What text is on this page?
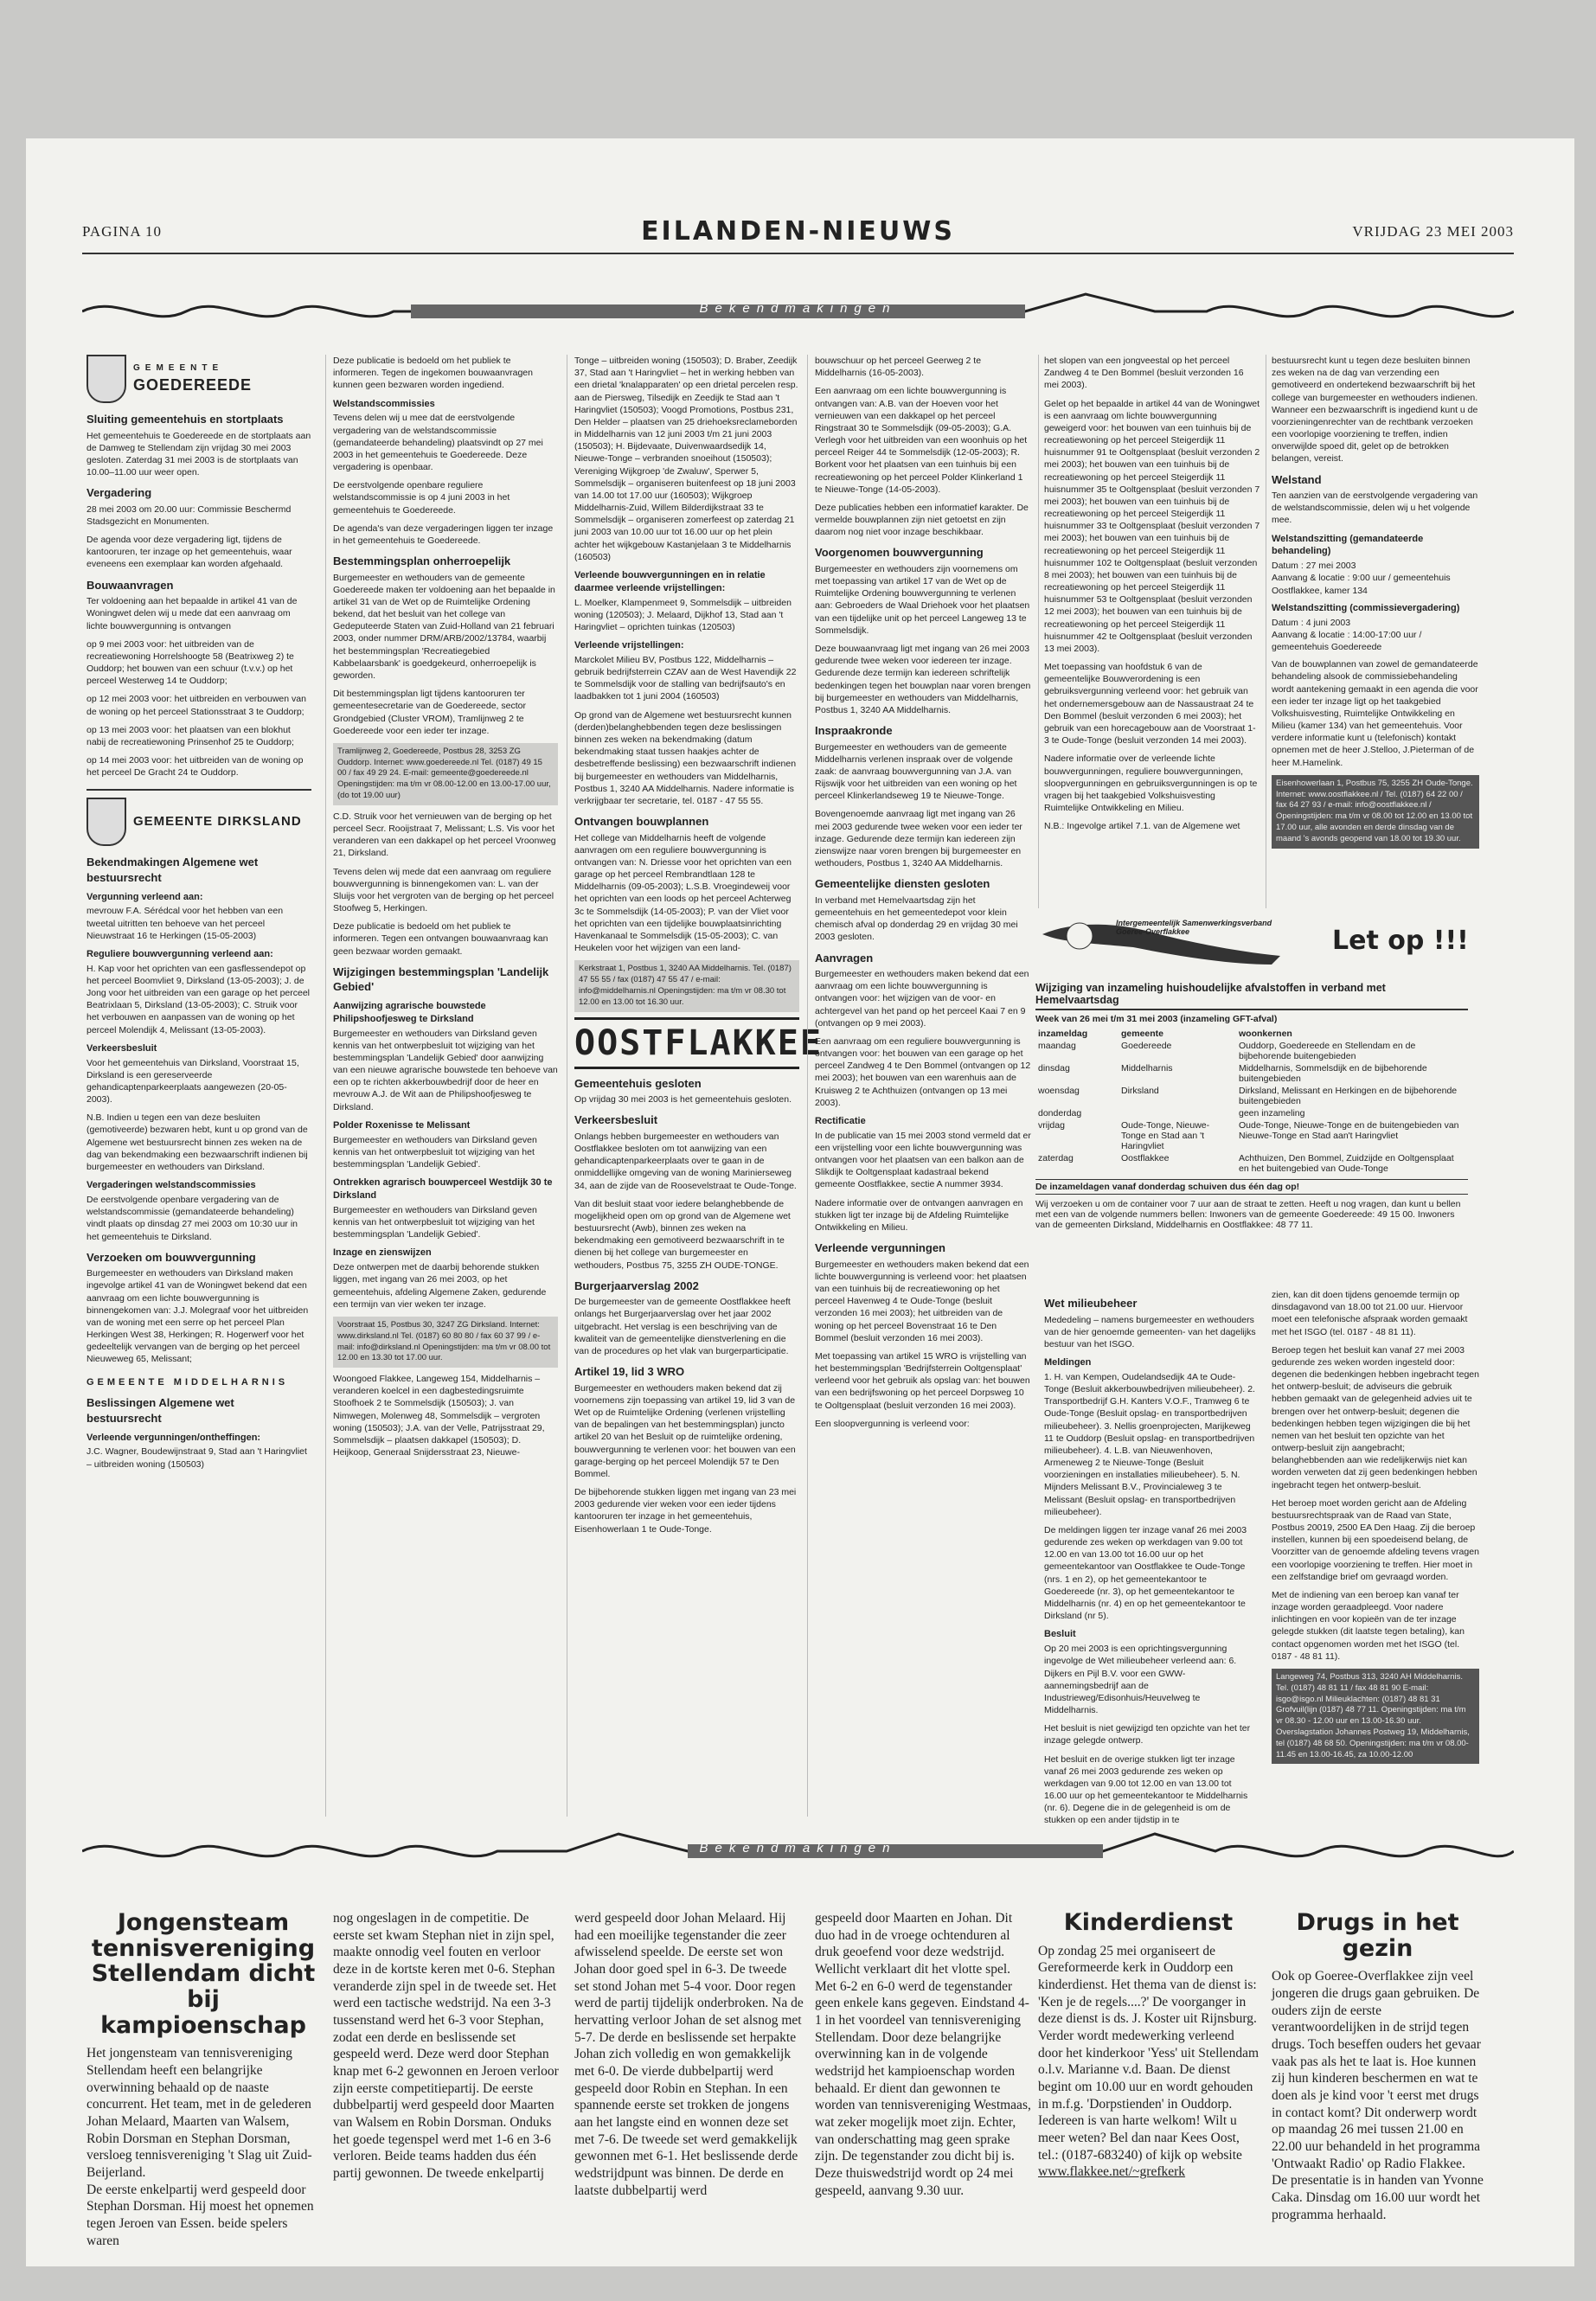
PAGINA 10	EILANDEN-NIEUWS	VRIJDAG 23 MEI 2003
Bekendmakingen
GEMEENTE
GOEDEREEDE
Sluiting gemeentehuis en stortplaats

Het gemeentehuis te Goedereede en de stortplaats aan de Damweg te Stellendam zijn vrijdag 30 mei 2003 gesloten. Zaterdag 31 mei 2003 is de stortplaats van 10.00–11.00 uur weer open.

Vergadering

28 mei 2003 om 20.00 uur: Commissie Beschermd Stadsgezicht en Monumenten.

De agenda voor deze vergadering ligt, tijdens de kantooruren, ter inzage op het gemeentehuis, waar eveneens een exemplaar kan worden afgehaald.

Bouwaanvragen

Ter voldoening aan het bepaalde in artikel 41 van de Woningwet delen wij u mede dat een aanvraag om lichte bouwvergunning is ontvangen

op 9 mei 2003 voor: het uitbreiden van de recreatiewoning Horrelshoogte 58 (Beatrixweg 2) te Ouddorp; het bouwen van een schuur (t.v.v.) op het perceel Westerweg 14 te Ouddorp;

op 12 mei 2003 voor: het uitbreiden en verbouwen van de woning op het perceel Stationsstraat 3 te Ouddorp;

op 13 mei 2003 voor: het plaatsen van een blokhut nabij de recreatiewoning Prinsenhof 25 te Ouddorp;

op 14 mei 2003 voor: het uitbreiden van de woning op het perceel De Gracht 24 te Ouddorp.

GEMEENTE DIRKSLAND
Bekendmakingen Algemene wet bestuursrecht
Vergunning verleend aan:

mevrouw F.A. Sérédcal voor het hebben van een tweetal uitritten ten behoeve van het perceel Nieuwstraat 16 te Herkingen (15-05-2003)

Reguliere bouwvergunning verleend aan:

H. Kap voor het oprichten van een gasflessendepot op het perceel Boomvliet 9, Dirksland (13-05-2003); J. de Jong voor het uitbreiden van een garage op het perceel Beatrixlaan 5, Dirksland (13-05-2003); C. Struik voor het verbouwen en aanpassen van de woning op het perceel Molendijk 4, Melissant (13-05-2003).

Verkeersbesluit

Voor het gemeentehuis van Dirksland, Voorstraat 15, Dirksland is een gereserveerde gehandicaptenparkeerplaats aangewezen (20-05-2003).

N.B. Indien u tegen een van deze besluiten (gemotiveerde) bezwaren hebt, kunt u op grond van de Algemene wet bestuursrecht binnen zes weken na de dag van bekendmaking een bezwaarschrift indienen bij burgemeester en wethouders van Dirksland.

Vergaderingen welstandscommissies

De eerstvolgende openbare vergadering van de welstandscommissie (gemandateerde behandeling) vindt plaats op dinsdag 27 mei 2003 om 10:30 uur in het gemeentehuis te Dirksland.

Verzoeken om bouwvergunning

Burgemeester en wethouders van Dirksland maken ingevolge artikel 41 van de Woningwet bekend dat een aanvraag om een lichte bouwvergunning is binnengekomen van: J.J. Molegraaf voor het uitbreiden van de woning met een serre op het perceel Plan Herkingen West 38, Herkingen; R. Hogerwerf voor het gedeeltelijk vervangen van de berging op het perceel Nieuweweg 65, Melissant;

GEMEENTE MIDDELHARNIS
Beslissingen Algemene wet bestuursrecht
Verleende vergunningen/ontheffingen:

J.C. Wagner, Boudewijnstraat 9, Stad aan 't Haringvliet – uitbreiden woning (150503)

Deze publicatie is bedoeld om het publiek te informeren. Tegen de ingekomen bouwaanvragen kunnen geen bezwaren worden ingediend.

Welstandscommissies

Tevens delen wij u mee dat de eerstvolgende vergadering van de welstandscommissie (gemandateerde behandeling) plaatsvindt op 27 mei 2003 in het gemeentehuis te Goedereede. Deze vergadering is openbaar.

De eerstvolgende openbare reguliere welstandscommissie is op 4 juni 2003 in het gemeentehuis te Goedereede.

De agenda's van deze vergaderingen liggen ter inzage in het gemeentehuis te Goedereede.

Bestemmingsplan onherroepelijk

Burgemeester en wethouders van de gemeente Goedereede maken ter voldoening aan het bepaalde in artikel 31 van de Wet op de Ruimtelijke Ordening bekend, dat het besluit van het college van Gedeputeerde Staten van Zuid-Holland van 21 februari 2003, onder nummer DRM/ARB/2002/13784, waarbij het bestemmingsplan 'Recreatiegebied Kabbelaarsbank' is goedgekeurd, onherroepelijk is geworden.

Dit bestemmingsplan ligt tijdens kantooruren ter gemeentesecretarie van de Goedereede, sector Grondgebied (Cluster VROM), Tramlijnweg 2 te Goedereede voor een ieder ter inzage.

Tramlijnweg 2, Goedereede, Postbus 28, 3253 ZG Ouddorp. Internet: www.goedereede.nl Tel. (0187) 49 15 00 / fax 49 29 24. E-mail: gemeente@goedereede.nl Openingstijden: ma t/m vr 08.00-12.00 en 13.00-17.00 uur, (do tot 19.00 uur)

C.D. Struik voor het vernieuwen van de berging op het perceel Secr. Rooijstraat 7, Melissant; L.S. Vis voor het veranderen van een dakkapel op het perceel Vroonweg 21, Dirksland.

Tevens delen wij mede dat een aanvraag om reguliere bouwvergunning is binnengekomen van: L. van der Sluijs voor het vergroten van de berging op het perceel Stoofweg 5, Herkingen.

Deze publicatie is bedoeld om het publiek te informeren. Tegen een ontvangen bouwaanvraag kan geen bezwaar worden gemaakt.

Wijzigingen bestemmingsplan 'Landelijk Gebied'
Aanwijzing agrarische bouwstede Philipshoofjesweg te Dirksland

Burgemeester en wethouders van Dirksland geven kennis van het ontwerpbesluit tot wijziging van het bestemmingsplan 'Landelijk Gebied' door aanwijzing van een nieuwe agrarische bouwstede ten behoeve van een op te richten akkerbouwbedrijf door de heer en mevrouw A.J. de Wit aan de Philipshoofjesweg te Dirksland.

Polder Roxenisse te Melissant

Burgemeester en wethouders van Dirksland geven kennis van het ontwerpbesluit tot wijziging van het bestemmingsplan 'Landelijk Gebied'.

Ontrekken agrarisch bouwperceel Westdijk 30 te Dirksland

Burgemeester en wethouders van Dirksland geven kennis van het ontwerpbesluit tot wijziging van het bestemmingsplan 'Landelijk Gebied'.

Inzage en zienswijzen

Deze ontwerpen met de daarbij behorende stukken liggen, met ingang van 26 mei 2003, op het gemeentehuis, afdeling Algemene Zaken, gedurende een termijn van vier weken ter inzage.

Voorstraat 15, Postbus 30, 3247 ZG Dirksland. Internet: www.dirksland.nl Tel. (0187) 60 80 80 / fax 60 37 99 / e-mail: info@dirksland.nl Openingstijden: ma t/m vr 08.00 tot 12.00 en 13.30 tot 17.00 uur.

Woongoed Flakkee, Langeweg 154, Middelharnis – veranderen koelcel in een dagbestedingsruimte Stoofhoek 2 te Sommelsdijk (150503); J. van Nimwegen, Molenweg 48, Sommelsdijk – vergroten woning (150503); J.A. van der Velle, Patrijsstraat 29, Sommelsdijk – plaatsen dakkapel (150503); D. Heijkoop, Generaal Snijdersstraat 23, Nieuwe-

Tonge – uitbreiden woning (150503); D. Braber, Zeedijk 37, Stad aan 't Haringvliet – het in werking hebben van een drietal 'knalapparaten' op een drietal percelen resp. aan de Piersweg, Tilsedijk en Zeedijk te Stad aan 't Haringvliet (150503); Voogd Promotions, Postbus 231, Den Helder – plaatsen van 25 driehoeksreclameborden in Middelharnis van 12 juni 2003 t/m 21 juni 2003 (150503); H. Bijdevaate, Duivenwaardsedijk 14, Nieuwe-Tonge – verbranden snoeihout (150503); Vereniging Wijkgroep 'de Zwaluw', Sperwer 5, Sommelsdijk – organiseren buitenfeest op 18 juni 2003 van 14.00 tot 17.00 uur (160503); Wijkgroep Middelharnis-Zuid, Willem Bilderdijkstraat 33 te Sommelsdijk – organiseren zomerfeest op zaterdag 21 juni 2003 van 10.00 uur tot 16.00 uur op het plein achter het wijkgebouw Kastanjelaan 3 te Middelharnis (160503)

Verleende bouwvergunningen en in relatie daarmee verleende vrijstellingen:

L. Moelker, Klampenmeet 9, Sommelsdijk – uitbreiden woning (120503); J. Melaard, Dijkhof 13, Stad aan 't Haringvliet – oprichten tuinkas (120503)

Verleende vrijstellingen:

Marckolet Milieu BV, Postbus 122, Middelharnis – gebruik bedrijfsterrein CZAV aan de West Havendijk 22 te Sommelsdijk voor de stalling van bedrijfsauto's en laadbakken tot 1 juni 2004 (160503)

Op grond van de Algemene wet bestuursrecht kunnen (derden)belanghebbenden tegen deze beslissingen binnen zes weken na bekendmaking (datum bekendmaking staat tussen haakjes achter de desbetreffende beslissing) een bezwaarschrift indienen bij burgemeester en wethouders van Middelharnis, Postbus 1, 3240 AA Middelharnis. Nadere informatie is verkrijgbaar ter secretarie, tel. 0187 - 47 55 55.

Ontvangen bouwplannen

Het college van Middelharnis heeft de volgende aanvragen om een reguliere bouwvergunning is ontvangen van: N. Driesse voor het oprichten van een garage op het perceel Rembrandtlaan 128 te Middelharnis (09-05-2003); L.S.B. Vroegindeweij voor het oprichten van een loods op het perceel Achterweg 3c te Sommelsdijk (14-05-2003); P. van der Vliet voor het oprichten van een tijdelijke bouwplaatsinrichting Havenkanaal te Sommelsdijk (15-05-2003); C. van Heukelen voor het wijzigen van een land-

Kerkstraat 1, Postbus 1, 3240 AA Middelharnis. Tel. (0187) 47 55 55 / fax (0187) 47 55 47 / e-mail: info@middelharnis.nl Openingstijden: ma t/m vr 08.30 tot 12.00 en 13.00 tot 16.30 uur.
OOSTFLAKKEE
Gemeentehuis gesloten

Op vrijdag 30 mei 2003 is het gemeentehuis gesloten.

Verkeersbesluit

Onlangs hebben burgemeester en wethouders van Oostflakkee besloten om tot aanwijzing van een gehandicaptenparkeerplaats over te gaan in de onmiddellijke omgeving van de woning Marinierseweg 34, aan de zijde van de Roosevelstraat te Oude-Tonge.

Van dit besluit staat voor iedere belanghebbende de mogelijkheid open om op grond van de Algemene wet bestuursrecht (Awb), binnen zes weken na bekendmaking een gemotiveerd bezwaarschrift in te dienen bij het college van burgemeester en wethouders, Postbus 75, 3255 ZH OUDE-TONGE.

Burgerjaarverslag 2002

De burgemeester van de gemeente Oostflakkee heeft onlangs het Burgerjaarverslag over het jaar 2002 uitgebracht. Het verslag is een beschrijving van de kwaliteit van de gemeentelijke dienstverlening en die van de procedures op het vlak van burgerparticipatie.

Artikel 19, lid 3 WRO

Burgemeester en wethouders maken bekend dat zij voornemens zijn toepassing van artikel 19, lid 3 van de Wet op de Ruimtelijke Ordening (verlenen vrijstelling van de bepalingen van het bestemmingsplan) juncto artikel 20 van het Besluit op de ruimtelijke ordening, bouwvergunning te verlenen voor: het bouwen van een garage-berging op het perceel Molendijk 57 te Den Bommel.

De bijbehorende stukken liggen met ingang van 23 mei 2003 gedurende vier weken voor een ieder tijdens kantooruren ter inzage in het gemeentehuis, Eisenhowerlaan 1 te Oude-Tonge.

bouwschuur op het perceel Geerweg 2 te Middelharnis (16-05-2003).

Een aanvraag om een lichte bouwvergunning is ontvangen van: A.B. van der Hoeven voor het vernieuwen van een dakkapel op het perceel Ringstraat 30 te Sommelsdijk (09-05-2003); G.A. Verlegh voor het uitbreiden van een woonhuis op het perceel Reiger 44 te Sommelsdijk (12-05-2003); R. Borkent voor het plaatsen van een tuinhuis bij een recreatiewoning op het perceel Polder Klinkerland 1 te Nieuwe-Tonge (14-05-2003).

Deze publicaties hebben een informatief karakter. De vermelde bouwplannen zijn niet getoetst en zijn daarom nog niet voor inzage beschikbaar.

Voorgenomen bouwvergunning

Burgemeester en wethouders zijn voornemens om met toepassing van artikel 17 van de Wet op de Ruimtelijke Ordening bouwvergunning te verlenen aan: Gebroeders de Waal Driehoek voor het plaatsen van een tijdelijke unit op het perceel Langeweg 13 te Sommelsdijk.

Deze bouwaanvraag ligt met ingang van 26 mei 2003 gedurende twee weken voor iedereen ter inzage. Gedurende deze termijn kan iedereen schriftelijk bedenkingen tegen het bouwplan naar voren brengen bij burgemeester en wethouders van Middelharnis, Postbus 1, 3240 AA Middelharnis.

Inspraakronde

Burgemeester en wethouders van de gemeente Middelharnis verlenen inspraak over de volgende zaak: de aanvraag bouwvergunning van J.A. van Rijswijk voor het uitbreiden van een woning op het perceel Klinkerlandseweg 19 te Nieuwe-Tonge.

Bovengenoemde aanvraag ligt met ingang van 26 mei 2003 gedurende twee weken voor een ieder ter inzage. Gedurende deze termijn kan iedereen zijn zienswijze naar voren brengen bij burgemeester en wethouders, Postbus 1, 3240 AA Middelharnis.

Gemeentelijke diensten gesloten

In verband met Hemelvaartsdag zijn het gemeentehuis en het gemeentedepot voor klein chemisch afval op donderdag 29 en vrijdag 30 mei 2003 gesloten.

Aanvragen

Burgemeester en wethouders maken bekend dat een aanvraag om een lichte bouwvergunning is ontvangen voor: het wijzigen van de voor- en achtergevel van het pand op het perceel Kaai 7 en 9 (ontvangen op 9 mei 2003).

Een aanvraag om een reguliere bouwvergunning is ontvangen voor: het bouwen van een garage op het perceel Zandweg 4 te Den Bommel (ontvangen op 12 mei 2003); het bouwen van een warenhuis aan de Kruisweg 2 te Achthuizen (ontvangen op 13 mei 2003).

Rectificatie

In de publicatie van 15 mei 2003 stond vermeld dat er een vrijstelling voor een lichte bouwvergunning was ontvangen voor het plaatsen van een balkon aan de Slikdijk te Ooltgensplaat kadastraal bekend gemeente Oostflakkee, sectie A nummer 3934.

Nadere informatie over de ontvangen aanvragen en stukken ligt ter inzage bij de Afdeling Ruimtelijke Ontwikkeling en Milieu.

Verleende vergunningen

Burgemeester en wethouders maken bekend dat een lichte bouwvergunning is verleend voor: het plaatsen van een tuinhuis bij de recreatiewoning op het perceel Havenweg 4 te Oude-Tonge (besluit verzonden 16 mei 2003); het uitbreiden van de woning op het perceel Bovenstraat 16 te Den Bommel (besluit verzonden 16 mei 2003).

Met toepassing van artikel 15 WRO is vrijstelling van het bestemmingsplan 'Bedrijfsterrein Ooltgensplaat' verleend voor het gebruik als opslag van: het bouwen van een bedrijfswoning op het perceel Dorpsweg 10 te Ooltgensplaat (besluit verzonden 16 mei 2003).

Een sloopvergunning is verleend voor:

het slopen van een jongveestal op het perceel Zandweg 4 te Den Bommel (besluit verzonden 16 mei 2003).

Gelet op het bepaalde in artikel 44 van de Woningwet is een aanvraag om lichte bouwvergunning geweigerd voor: het bouwen van een tuinhuis bij de recreatiewoning op het perceel Steigerdijk 11 huisnummer 91 te Ooltgensplaat (besluit verzonden 2 mei 2003); het bouwen van een tuinhuis bij de recreatiewoning op het perceel Steigerdijk 11 huisnummer 35 te Ooltgensplaat (besluit verzonden 7 mei 2003); het bouwen van een tuinhuis bij de recreatiewoning op het perceel Steigerdijk 11 huisnummer 33 te Ooltgensplaat (besluit verzonden 7 mei 2003); het bouwen van een tuinhuis bij de recreatiewoning op het perceel Steigerdijk 11 huisnummer 102 te Ooltgensplaat (besluit verzonden 8 mei 2003); het bouwen van een tuinhuis bij de recreatiewoning op het perceel Steigerdijk 11 huisnummer 53 te Ooltgensplaat (besluit verzonden 12 mei 2003); het bouwen van een tuinhuis bij de recreatiewoning op het perceel Steigerdijk 11 huisnummer 42 te Ooltgensplaat (besluit verzonden 13 mei 2003).

Met toepassing van hoofdstuk 6 van de gemeentelijke Bouwverordening is een gebruiksvergunning verleend voor: het gebruik van het ondernemersgebouw aan de Nassaustraat 24 te Den Bommel (besluit verzonden 6 mei 2003); het gebruik van een horecagebouw aan de Voorstraat 1-3 te Oude-Tonge (besluit verzonden 14 mei 2003).

Nadere informatie over de verleende lichte bouwvergunningen, reguliere bouwvergunningen, sloopvergunningen en gebruiksvergunningen is op te vragen bij het taakgebied Volkshuisvesting Ruimtelijke Ontwikkeling en Milieu.

N.B.: Ingevolge artikel 7.1. van de Algemene wet

bestuursrecht kunt u tegen deze besluiten binnen zes weken na de dag van verzending een gemotiveerd en ondertekend bezwaarschrift bij het college van burgemeester en wethouders indienen. Wanneer een bezwaarschrift is ingediend kunt u de voorzieningenrechter van de rechtbank verzoeken een voorlopige voorziening te treffen, indien onverwijlde spoed dit, gelet op de betrokken belangen, vereist.

Welstand

Ten aanzien van de eerstvolgende vergadering van de welstandscommissie, delen wij u het volgende mee.

Welstandszitting (gemandateerde behandeling)
Datum : 27 mei 2003
Aanvang & locatie : 9:00 uur / gemeentehuis Oostflakkee, kamer 134
Welstandszitting (commissievergadering)
Datum : 4 juni 2003
Aanvang & locatie : 14:00-17:00 uur / gemeentehuis Goedereede

Van de bouwplannen van zowel de gemandateerde behandeling alsook de commissiebehandeling wordt aantekening gemaakt in een agenda die voor een ieder ter inzage ligt op het taakgebied Volkshuisvesting, Ruimtelijke Ontwikkeling en Milieu (kamer 134) van het gemeentehuis. Voor verdere informatie kunt u (telefonisch) kontakt opnemen met de heer J.Stelloo, J.Pieterman of de heer M.Hamelink.

Eisenhowerlaan 1, Postbus 75, 3255 ZH Oude-Tonge. Internet: www.oostflakkee.nl / Tel. (0187) 64 22 00 / fax 64 27 93 / e-mail: info@oostflakkee.nl / Openingstijden: ma t/m vr 08.00 tot 12.00 en 13.00 tot 17.00 uur, alle avonden en derde dinsdag van de maand 's avonds geopend van 18.00 tot 19.30 uur.
Intergemeentelijk Samenwerkingsverband Goeree-Overflakkee	Let op !!!
Wijziging van inzameling huishoudelijke afvalstoffen in verband met Hemelvaartsdag
Week van 26 mei t/m 31 mei 2003 (inzameling GFT-afval)
inzameldag	gemeente	woonkernen
maandag	Goedereede	Ouddorp, Goedereede en Stellendam en de bijbehorende buitengebieden
dinsdag	Middelharnis	Middelharnis, Sommelsdijk en de bijbehorende buitengebieden
woensdag	Dirksland	Dirksland, Melissant en Herkingen en de bijbehorende buitengebieden
donderdag		geen inzameling
vrijdag	Oude-Tonge, Nieuwe-Tonge en Stad aan 't Haringvliet	Oude-Tonge, Nieuwe-Tonge en de buitengebieden van Nieuwe-Tonge en Stad aan't Haringvliet
zaterdag	Oostflakkee	Achthuizen, Den Bommel, Zuidzijde en Ooltgensplaat en het buitengebied van Oude-Tonge
De inzameldagen vanaf donderdag schuiven dus één dag op!

Wij verzoeken u om de container voor 7 uur aan de straat te zetten. Heeft u nog vragen, dan kunt u bellen met een van de volgende nummers bellen: Inwoners van de gemeente Goedereede: 49 15 00. Inwoners van de gemeenten Dirksland, Middelharnis en Oostflakkee: 48 77 11.

Wet milieubeheer

Mededeling – namens burgemeester en wethouders van de hier genoemde gemeenten- van het dagelijks bestuur van het ISGO.

Meldingen

1. H. van Kempen, Oudelandsedijk 4A te Oude-Tonge (Besluit akkerbouwbedrijven milieubeheer). 2. Transportbedrijf G.H. Kanters V.O.F., Tramweg 6 te Oude-Tonge (Besluit opslag- en transportbedrijven milieubeheer). 3. Nellis groenprojecten, Marijkeweg 11 te Ouddorp (Besluit opslag- en transportbedrijven milieubeheer). 4. L.B. van Nieuwenhoven, Armeneweg 2 te Nieuwe-Tonge (Besluit voorzieningen en installaties milieubeheer). 5. N. Mijnders Melissant B.V., Provincialeweg 3 te Melissant (Besluit opslag- en transportbedrijven milieubeheer).

De meldingen liggen ter inzage vanaf 26 mei 2003 gedurende zes weken op werkdagen van 9.00 tot 12.00 en van 13.00 tot 16.00 uur op het gemeentekantoor van Oostflakkee te Oude-Tonge (nrs. 1 en 2), op het gemeentekantoor te Goedereede (nr. 3), op het gemeentekantoor te Middelharnis (nr. 4) en op het gemeentekantoor te Dirksland (nr 5).

Besluit

Op 20 mei 2003 is een oprichtingsvergunning ingevolge de Wet milieubeheer verleend aan: 6. Dijkers en Pijl B.V. voor een GWW-aannemingsbedrijf aan de Industrieweg/Edisonhuis/Heuvelweg te Middelharnis.

Het besluit is niet gewijzigd ten opzichte van het ter inzage gelegde ontwerp.

Het besluit en de overige stukken ligt ter inzage vanaf 26 mei 2003 gedurende zes weken op werkdagen van 9.00 tot 12.00 en van 13.00 tot 16.00 uur op het gemeentekantoor te Middelharnis (nr. 6). Degene die in de gelegenheid is om de stukken op een ander tijdstip in te

zien, kan dit doen tijdens genoemde termijn op dinsdagavond van 18.00 tot 21.00 uur. Hiervoor moet een telefonische afspraak worden gemaakt met het ISGO (tel. 0187 - 48 81 11).

Beroep tegen het besluit kan vanaf 27 mei 2003 gedurende zes weken worden ingesteld door: degenen die bedenkingen hebben ingebracht tegen het ontwerp-besluit; de adviseurs die gebruik hebben gemaakt van de gelegenheid advies uit te brengen over het ontwerp-besluit; degenen die bedenkingen hebben tegen wijzigingen die bij het nemen van het besluit ten opzichte van het ontwerp-besluit zijn aangebracht; belanghebbenden aan wie redelijkerwijs niet kan worden verweten dat zij geen bedenkingen hebben ingebracht tegen het ontwerp-besluit.

Het beroep moet worden gericht aan de Afdeling bestuursrechtspraak van de Raad van State, Postbus 20019, 2500 EA Den Haag. Zij die beroep instellen, kunnen bij een spoedeisend belang, de Voorzitter van de genoemde afdeling tevens vragen een voorlopige voorziening te treffen. Hier moet in een zelfstandige brief om gevraagd worden.

Met de indiening van een beroep kan vanaf ter inzage worden geraadpleegd. Voor nadere inlichtingen en voor kopieën van de ter inzage gelegde stukken (dit laatste tegen betaling), kan contact opgenomen worden met het ISGO (tel. 0187 - 48 81 11).

Langeweg 74, Postbus 313, 3240 AH Middelharnis. Tel. (0187) 48 81 11 / fax 48 81 90 E-mail: isgo@isgo.nl Milieuklachten: (0187) 48 81 31 Grofvuil(lijn (0187) 48 77 11. Openingstijden: ma t/m vr 08.30 - 12.00 uur en 13.00-16.30 uur. Overslagstation Johannes Postweg 19, Middelharnis, tel (0187) 48 68 50. Openingstijden: ma t/m vr 08.00-11.45 en 13.00-16.45, za 10.00-12.00
Bekendmakingen
Jongensteam tennisvereniging Stellendam dicht bij kampioenschap

Het jongensteam van tennisvereniging Stellendam heeft een belangrijke overwinning behaald op de naaste concurrent. Het team, met in de gelederen Johan Melaard, Maarten van Walsem, Robin Dorsman en Stephan Dorsman, versloeg tennisvereniging 't Slag uit Zuid-Beijerland.

De eerste enkelpartij werd gespeeld door Stephan Dorsman. Hij moest het opnemen tegen Jeroen van Essen. beide spelers waren

nog ongeslagen in de competitie. De eerste set kwam Stephan niet in zijn spel, maakte onnodig veel fouten en verloor deze in de kortste keren met 0-6. Stephan veranderde zijn spel in de tweede set. Het werd een tactische wedstrijd. Na een 3-3 tussenstand werd het 6-3 voor Stephan, zodat een derde en beslissende set gespeeld werd. Deze werd door Stephan knap met 6-2 gewonnen en Jeroen verloor zijn eerste competitiepartij. De eerste dubbelpartij werd gespeeld door Maarten van Walsem en Robin Dorsman. Onduks het goede tegenspel werd met 1-6 en 3-6 verloren. Beide teams hadden dus één partij gewonnen. De tweede enkelpartij

werd gespeeld door Johan Melaard. Hij had een moeilijke tegenstander die zeer afwisselend speelde. De eerste set won Johan door goed spel in 6-3. De tweede set stond Johan met 5-4 voor. Door regen werd de partij tijdelijk onderbroken. Na de hervatting verloor Johan de set alsnog met 5-7. De derde en beslissende set herpakte Johan zich volledig en won gemakkelijk met 6-0. De vierde dubbelpartij werd gespeeld door Robin en Stephan. In een spannende eerste set trokken de jongens aan het langste eind en wonnen deze set met 7-6. De tweede set werd gemakkelijk gewonnen met 6-1. Het beslissende derde wedstrijdpunt was binnen. De derde en laatste dubbelpartij werd

gespeeld door Maarten en Johan. Dit duo had in de vroege ochtenduren al druk geoefend voor deze wedstrijd. Wellicht verklaart dit het vlotte spel. Met 6-2 en 6-0 werd de tegenstander geen enkele kans gegeven. Eindstand 4-1 in het voordeel van tennisvereniging Stellendam. Door deze belangrijke overwinning kan in de volgende wedstrijd het kampioenschap worden behaald. Er dient dan gewonnen te worden van tennisvereniging Westmaas, wat zeker mogelijk moet zijn. Echter, van onderschatting mag geen sprake zijn. De tegenstander zou dicht bij is. Deze thuiswedstrijd wordt op 24 mei gespeeld, aanvang 9.30 uur.

Kinderdienst

Op zondag 25 mei organiseert de Gereformeerde kerk in Ouddorp een kinderdienst. Het thema van de dienst is: 'Ken je de regels....?' De voorganger in deze dienst is ds. J. Koster uit Rijnsburg. Verder wordt medewerking verleend door het kinderkoor 'Yess' uit Stellendam o.l.v. Marianne v.d. Baan. De dienst begint om 10.00 uur en wordt gehouden in m.f.g. 'Dorpstienden' in Ouddorp. Iedereen is van harte welkom! Wilt u meer weten? Bel dan naar Kees Oost, tel.: (0187-683240) of kijk op website

www.flakkee.net/~grefkerk
Drugs in het gezin

Ook op Goeree-Overflakkee zijn veel jongeren die drugs gaan gebruiken. De ouders zijn de eerste verantwoordelijken in de strijd tegen drugs. Toch beseffen ouders het gevaar vaak pas als het te laat is. Hoe kunnen zij hun kinderen beschermen en wat te doen als je kind voor 't eerst met drugs in contact komt? Dit onderwerp wordt op maandag 26 mei tussen 21.00 en 22.00 uur behandeld in het programma 'Ontwaakt Radio' op Radio Flakkee. De presentatie is in handen van Yvonne Caka. Dinsdag om 16.00 uur wordt het programma herhaald.
